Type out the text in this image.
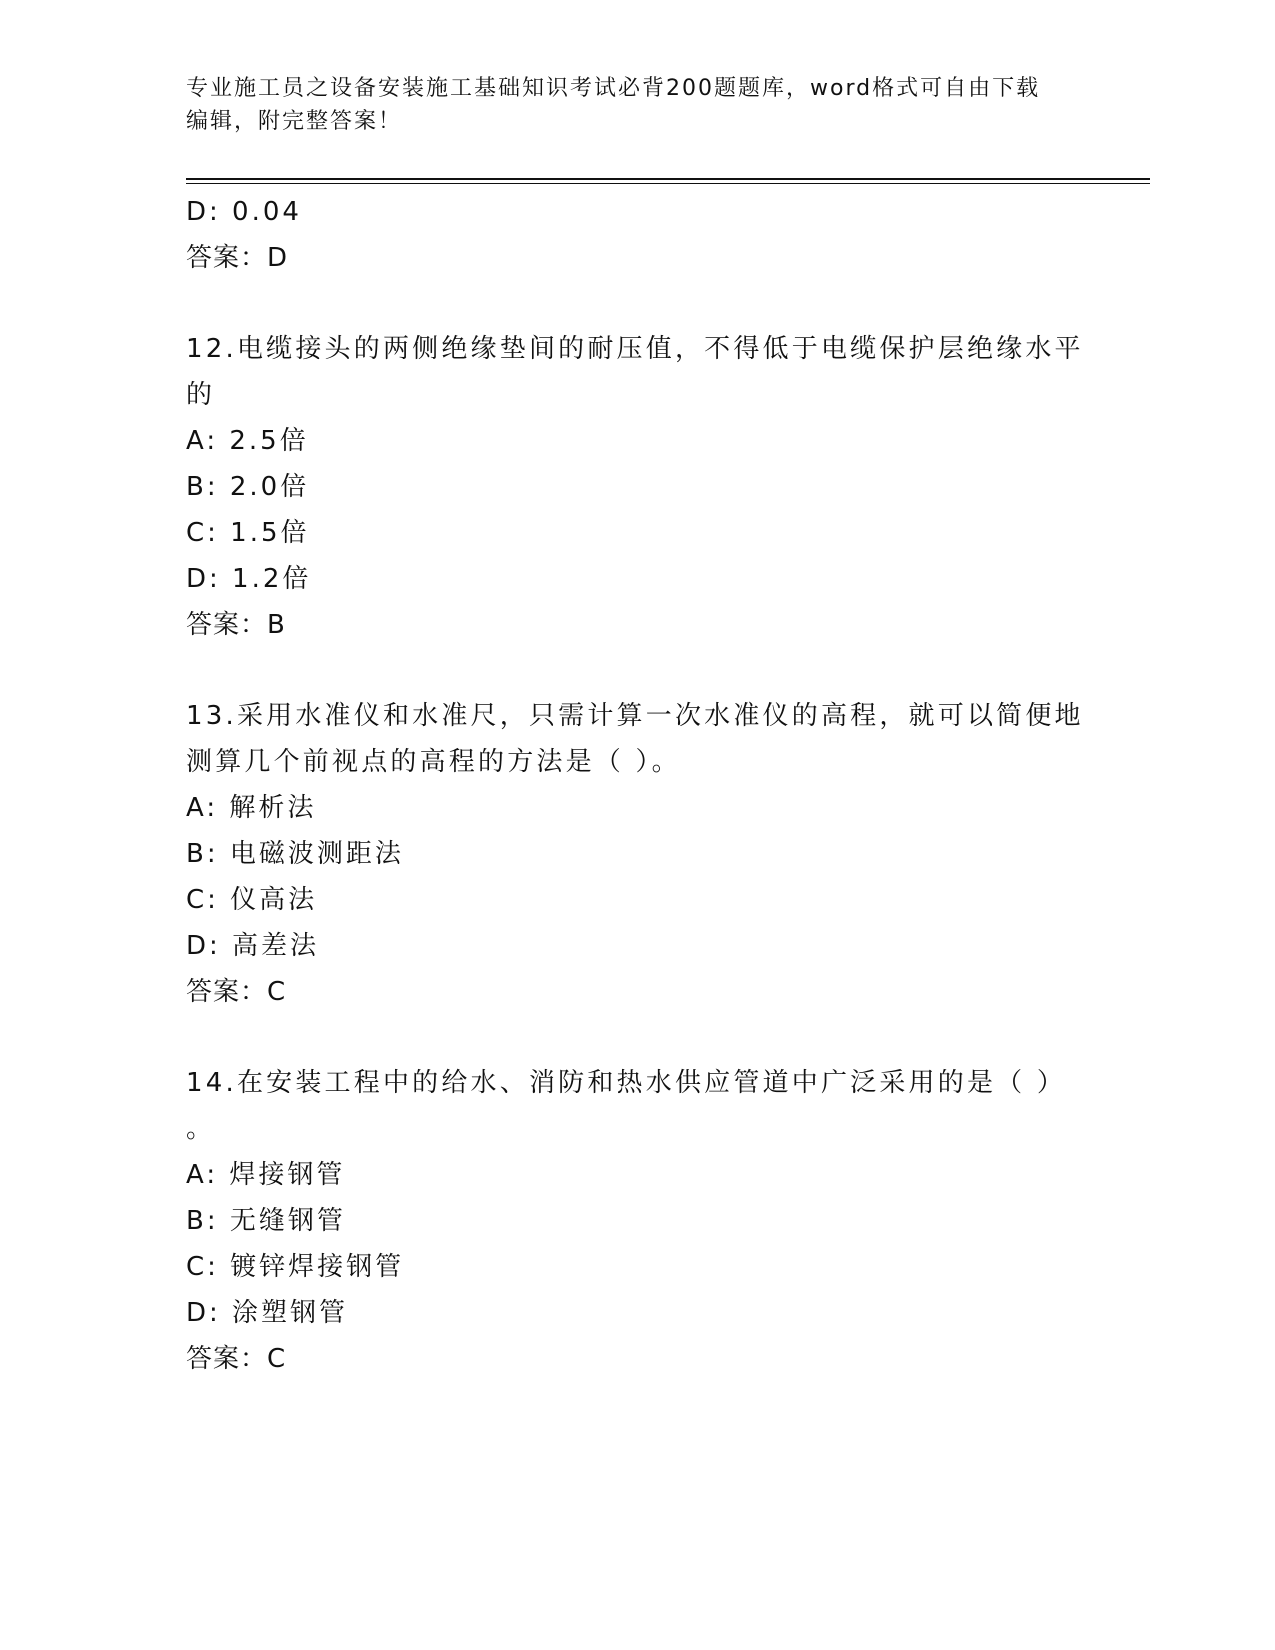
专业施工员之设备安装施工基础知识考试必背200题题库，word格式可自由下载
编辑，附完整答案！
D: 0.04
答案：D
12.电缆接头的两侧绝缘垫间的耐压值，不得低于电缆保护层绝缘水平
的
A: 2.5倍
B: 2.0倍
C: 1.5倍
D: 1.2倍
答案：B
13.采用水准仪和水准尺，只需计算一次水准仪的高程，就可以简便地
测算几个前视点的高程的方法是（ ）。
A: 解析法
B: 电磁波测距法
C: 仪高法
D: 高差法
答案：C
14.在安装工程中的给水、消防和热水供应管道中广泛采用的是（ ）
。
A: 焊接钢管
B: 无缝钢管
C: 镀锌焊接钢管
D: 涂塑钢管
答案：C
